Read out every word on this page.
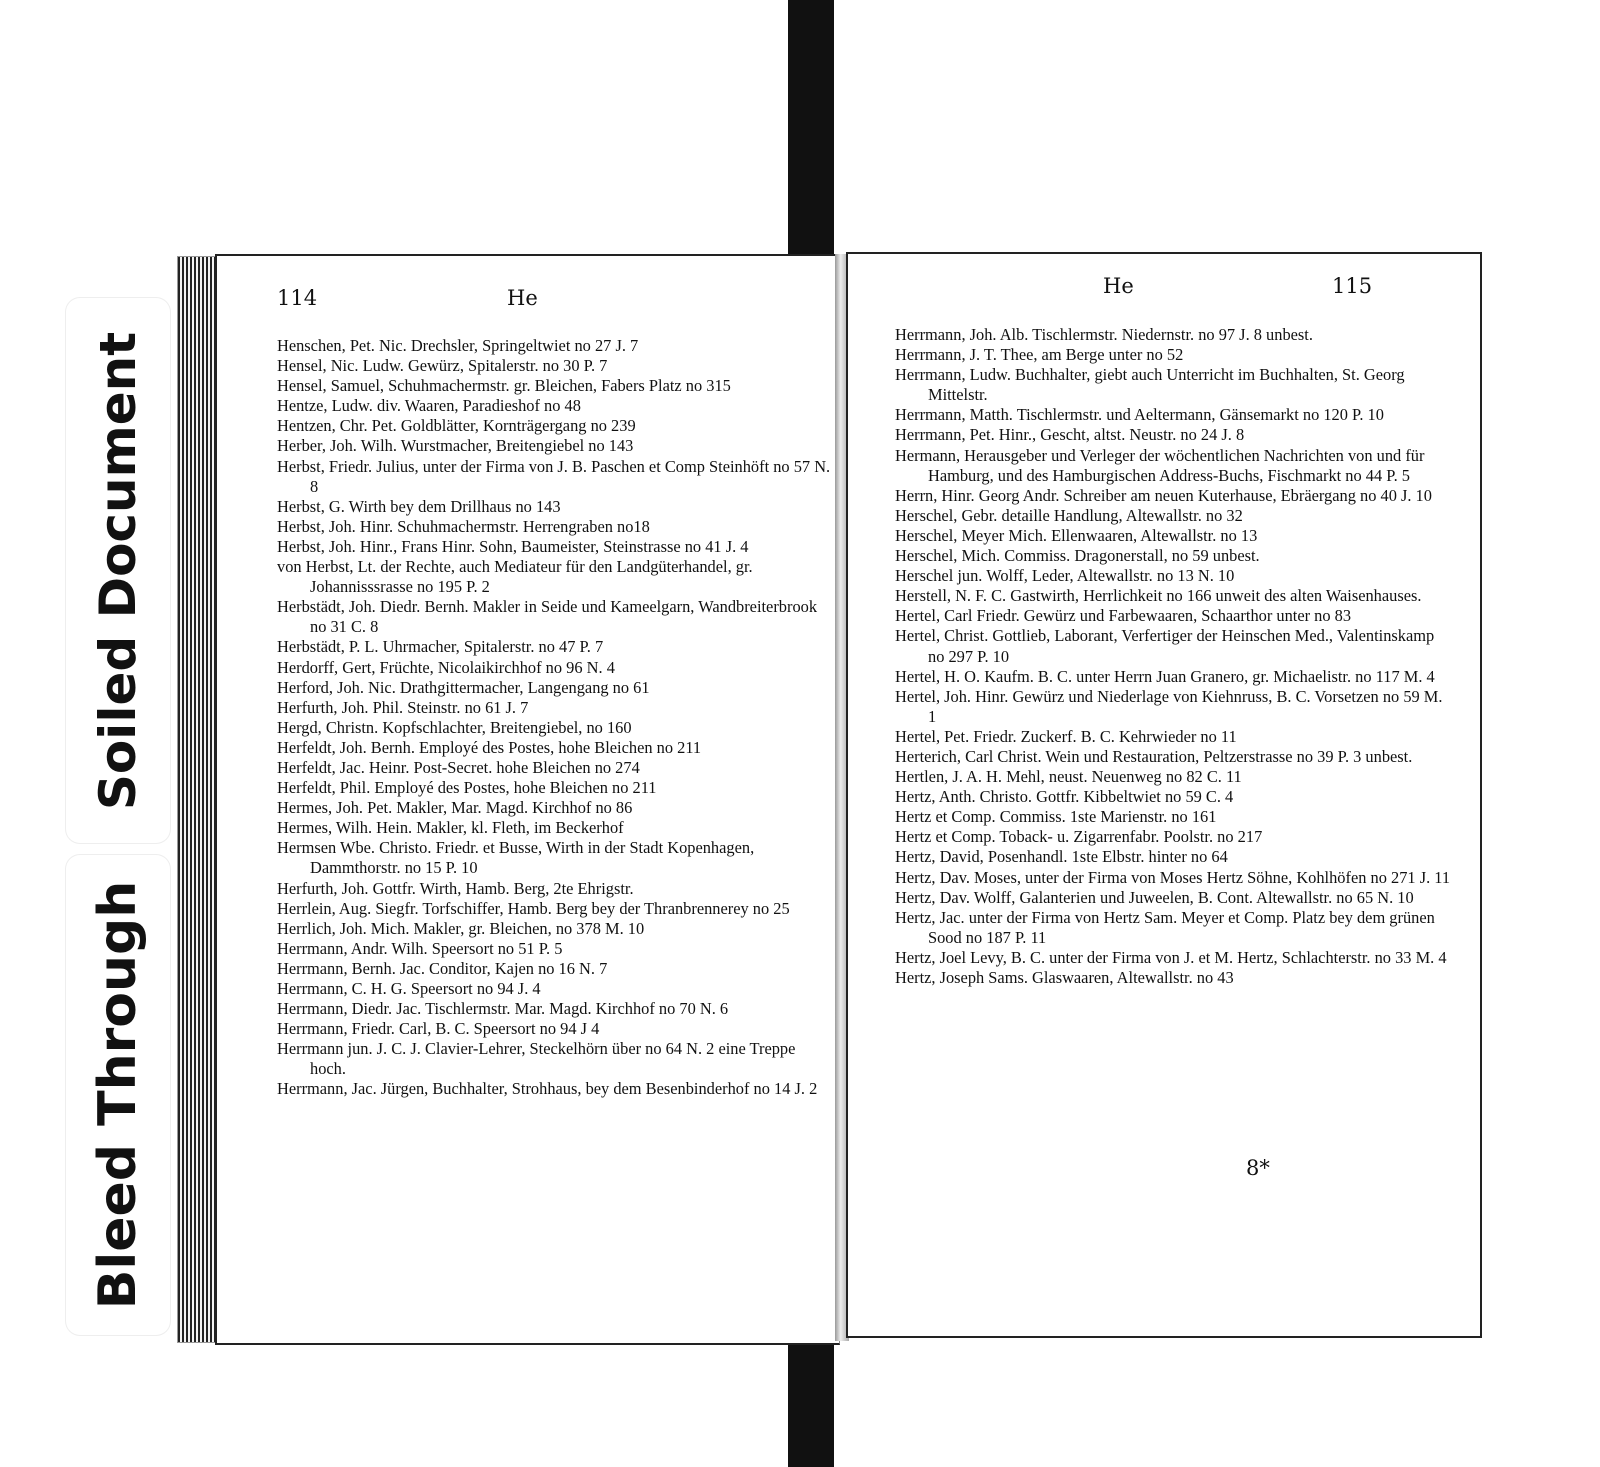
Soiled Document
Bleed Through
114	He
Henschen, Pet. Nic. Drechsler, Springeltwiet no 27 J. 7
Hensel, Nic. Ludw. Gewürz, Spitalerstr. no 30 P. 7
Hensel, Samuel, Schuhmachermstr. gr. Bleichen, Fabers Platz no 315
Hentze, Ludw. div. Waaren, Paradieshof no 48
Hentzen, Chr. Pet. Goldblätter, Kornträgergang no 239
Herber, Joh. Wilh. Wurstmacher, Breitengiebel no 143
Herbst, Friedr. Julius, unter der Firma von J. B. Paschen et Comp Steinhöft no 57 N. 8
Herbst, G. Wirth bey dem Drillhaus no 143
Herbst, Joh. Hinr. Schuhmachermstr. Herrengraben no18
Herbst, Joh. Hinr., Frans Hinr. Sohn, Baumeister, Steinstrasse no 41 J. 4
von Herbst, Lt. der Rechte, auch Mediateur für den Landgüterhandel, gr. Johannisssrasse no 195 P. 2
Herbstädt, Joh. Diedr. Bernh. Makler in Seide und Kameelgarn, Wandbreiterbrook no 31 C. 8
Herbstädt, P. L. Uhrmacher, Spitalerstr. no 47 P. 7
Herdorff, Gert, Früchte, Nicolaikirchhof no 96 N. 4
Herford, Joh. Nic. Drathgittermacher, Langengang no 61
Herfurth, Joh. Phil. Steinstr. no 61 J. 7
Hergd, Christn. Kopfschlachter, Breitengiebel, no 160
Herfeldt, Joh. Bernh. Employé des Postes, hohe Bleichen no 211
Herfeldt, Jac. Heinr. Post-Secret. hohe Bleichen no 274
Herfeldt, Phil. Employé des Postes, hohe Bleichen no 211
Hermes, Joh. Pet. Makler, Mar. Magd. Kirchhof no 86
Hermes, Wilh. Hein. Makler, kl. Fleth, im Beckerhof
Hermsen Wbe. Christo. Friedr. et Busse, Wirth in der Stadt Kopenhagen, Dammthorstr. no 15 P. 10
Herfurth, Joh. Gottfr. Wirth, Hamb. Berg, 2te Ehrigstr.
Herrlein, Aug. Siegfr. Torfschiffer, Hamb. Berg bey der Thranbrennerey no 25
Herrlich, Joh. Mich. Makler, gr. Bleichen, no 378 M. 10
Herrmann, Andr. Wilh. Speersort no 51 P. 5
Herrmann, Bernh. Jac. Conditor, Kajen no 16 N. 7
Herrmann, C. H. G. Speersort no 94 J. 4
Herrmann, Diedr. Jac. Tischlermstr. Mar. Magd. Kirchhof no 70 N. 6
Herrmann, Friedr. Carl, B. C. Speersort no 94 J 4
Herrmann jun. J. C. J. Clavier-Lehrer, Steckelhörn über no 64 N. 2 eine Treppe hoch.
Herrmann, Jac. Jürgen, Buchhalter, Strohhaus, bey dem Besenbinderhof no 14 J. 2
He	115
Herrmann, Joh. Alb. Tischlermstr. Niedernstr. no 97 J. 8 unbest.
Herrmann, J. T. Thee, am Berge unter no 52
Herrmann, Ludw. Buchhalter, giebt auch Unterricht im Buchhalten, St. Georg Mittelstr.
Herrmann, Matth. Tischlermstr. und Aeltermann, Gänsemarkt no 120 P. 10
Herrmann, Pet. Hinr., Gescht, altst. Neustr. no 24 J. 8
Hermann, Herausgeber und Verleger der wöchentlichen Nachrichten von und für Hamburg, und des Hamburgischen Address-Buchs, Fischmarkt no 44 P. 5
Herrn, Hinr. Georg Andr. Schreiber am neuen Kuterhause, Ebräergang no 40 J. 10
Herschel, Gebr. detaille Handlung, Altewallstr. no 32
Herschel, Meyer Mich. Ellenwaaren, Altewallstr. no 13
Herschel, Mich. Commiss. Dragonerstall, no 59 unbest.
Herschel jun. Wolff, Leder, Altewallstr. no 13 N. 10
Herstell, N. F. C. Gastwirth, Herrlichkeit no 166 unweit des alten Waisenhauses.
Hertel, Carl Friedr. Gewürz und Farbewaaren, Schaarthor unter no 83
Hertel, Christ. Gottlieb, Laborant, Verfertiger der Heinschen Med., Valentinskamp no 297 P. 10
Hertel, H. O. Kaufm. B. C. unter Herrn Juan Granero, gr. Michaelistr. no 117 M. 4
Hertel, Joh. Hinr. Gewürz und Niederlage von Kiehnruss, B. C. Vorsetzen no 59 M. 1
Hertel, Pet. Friedr. Zuckerf. B. C. Kehrwieder no 11
Herterich, Carl Christ. Wein und Restauration, Peltzerstrasse no 39 P. 3 unbest.
Hertlen, J. A. H. Mehl, neust. Neuenweg no 82 C. 11
Hertz, Anth. Christo. Gottfr. Kibbeltwiet no 59 C. 4
Hertz et Comp. Commiss. 1ste Marienstr. no 161
Hertz et Comp. Toback- u. Zigarrenfabr. Poolstr. no 217
Hertz, David, Posenhandl. 1ste Elbstr. hinter no 64
Hertz, Dav. Moses, unter der Firma von Moses Hertz Söhne, Kohlhöfen no 271 J. 11
Hertz, Dav. Wolff, Galanterien und Juweelen, B. Cont. Altewallstr. no 65 N. 10
Hertz, Jac. unter der Firma von Hertz Sam. Meyer et Comp. Platz bey dem grünen Sood no 187 P. 11
Hertz, Joel Levy, B. C. unter der Firma von J. et M. Hertz, Schlachterstr. no 33 M. 4
Hertz, Joseph Sams. Glaswaaren, Altewallstr. no 43
8*
